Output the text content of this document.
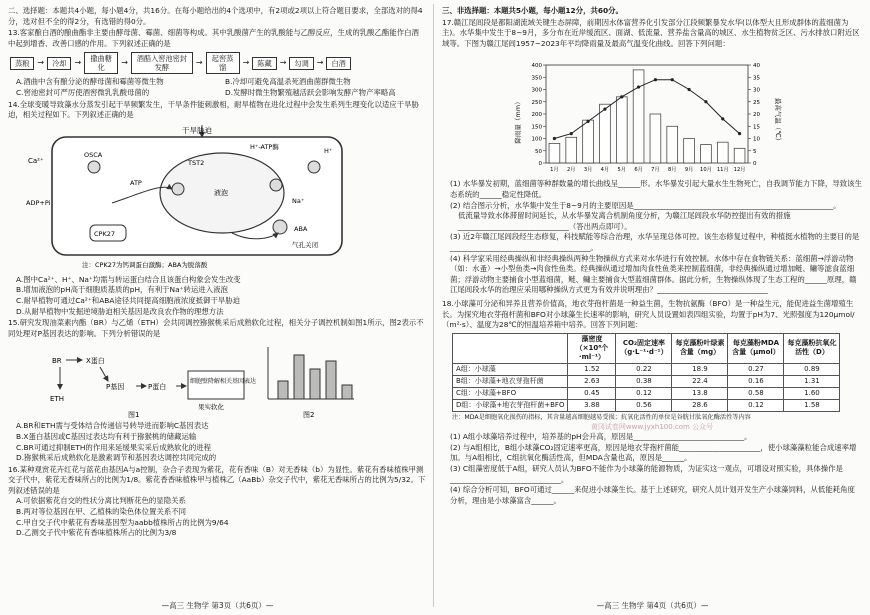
二、选择题：本题共4小题，每小题4分，共16分。在每小题给出的4个选项中，有2项或2项以上符合题目要求，全部选对的得4分，选对但不全的得2分，有选错的得0分。

13.客家酿白酒的酿曲酯非主要由酵母菌、霉菌、细菌等构成。其中乳酸菌产生的乳酸能与乙醇反应，生成的乳酸乙酯能作白酒中起到增香、改善口感的作用。下列叙述正确的是

蒸粮	→	冷却	→	撒曲糖化
→	酒醅入窖池密封发酵
→	起窖蒸馏
→	陈藏	→	勾调	→	白酒

A.酒曲中含有酿分泌的酵母菌和霉菌等微生物	B.冷却可避免高温杀死酒曲菌群微生物

C.窖池密封可严厉使酒窖微乳乳酸母菌的	D.发酵时微生物繁殖越活跃会影响发酵产物产率略高

14.全球变暖导致藻水分蒸发引起干旱频繁发生，干旱条件能刺激相，耐旱植物在进化过程中会发生系列生理变化以适应干旱胁迫，相关过程如下。下列叙述正确的是

干旱胁迫
Ca²⁺
OSCA
ATP
ADP+Pi
CPK27
液泡
TST2
H⁺-ATP酶	H⁺
Na⁺
ABA
气孔关闭
注：CPK27为钙调蛋白激酶；ABA为脱落酸

A.图中Ca²⁺、H⁺、Na⁺均需与转运蛋白结合且该蛋白构象会发生改变

B.增加液泡的pH高于细胞质基质的pH，有利于Na⁺转运进入液泡

C.耐旱植物可通过Ca²⁺和ABA途径共同提高细胞液浓度抵御干旱胁迫

D.从耐旱植物中发掘逆境胁迫相关基因是改良农作物的理想方法

15.研究发现油菜素内酯（BR）与乙烯（ETH）会共同调控猕猴桃采后成熟软化过程，相关分子调控机制如图1所示，图2表示不同处理对P基因表达的影响。下列分析错误的是

BR
ETH
X蛋白
P基因	P蛋白
细胞壁降解相关基因表达
果实软化
图1	图2

A.BR和ETH需与受体结合传递信号转导进而影响C基因表达

B.X蛋白基因或C基因过表达均有利于猕猴桃的储藏运输

C.BR可通过抑制ETH的作用来延缓果实采后成熟软化的进程

D.猕猴桃采后成熟软化是激素调节和基因表达调控共同完成的

16.某种观赏花卉红花与蓝花由基因A与a控制，杂合子表现为紫花，花有香味（B）对无香味（b）为显性。紫花有香味植株甲测交子代中，紫花无香味所占的比例为1/8。紫花香香味植株甲与植株乙（AaBb）杂交子代中，紫花无香味所占的比例为5/32。下列叙述错误的是

A.可依据紫花自交的性状分离比判断花色的显隐关系

B.两对等位基因在甲、乙植株的染色体位置关系不同

C.甲自交子代中紫花有香味基因型为aabb植株所占的比例为9/64

D.乙测交子代中紫花有香味植株所占的比例为3/8

—高三 生物学 第3页（共6页）—

三、非选择题：本题共5小题，每小题12分，共60分。

17.赣江尾闾段是都阳湖流域关键生态屏障，前期因水体富营养化引发部分江段频繁暴发水华(以体型大且形成群体的蓝细菌为主)。水华集中发生于8~9月，多分布在近岸缓流区、面湖、低流量、营养盐含量高的城区、水生植物贫乏区、污水排放口附近区域等。下图为赣江尾闾1957~2023年平均降雨量及最高气温变化曲线。回答下列问题：

降雨量（mm）	最高气温（℃）
0
50
100
150
200
250
300
350
400
0
5
10
15
20
25
30
35
40
1月 2月 3月 4月 5月 6月 7月 8月 9月 10月 11月 12月

(1) 水华暴发初期，蓝细菌等种群数量的增长曲线呈______形。水华暴发引起大量水生生物死亡，自我调节能力下降，导致该生态系统的______稳定性降低。

(2) 结合图示分析，水华集中发生于8~9月的主要原因是______________________________________________________。

低流量导致水体滞留时间延长，从水华暴发离合机制角度分析，为赣江尾闾段水华防控提出有效的措施______________________________（答出两点即可）。

(3) 近2年赣江尾闾段经生态修复，科技赋能等综合治理，水华呈现总体可控。该生态修复过程中，种植挺水植物的主要目的是______________________________________。

(4) 科学家采用经典操纵和非经典操纵两种生物操纵方式来对水华进行有效控制。水体中存在食物链关系：蓝细菌→浮游动物（如：水蚤）→小型鱼类→肉食性鱼类。经典操纵通过增加肉食性鱼类来控制蓝细菌，非经典操纵通过增加鲢、鳙等滤食蓝细菌；浮游动物主要捕食小型蓝细菌，鲢、鳙主要捕食大型蓝细菌群体。据此分析，生物操纵体现了生态工程的______原理，赣江尾闾段水华的治理应采用哪种操纵方式更为有效并说明理由？______________________________

18.小球藻可分泌和异养且营养价值高，地衣芽孢杆菌是一种益生菌，生物抗氨酶（BFO）是一种益生元，能促进益生菌增殖生长。为探究地衣芽孢杆菌和BFO对小球藻生长速率的影响，研究人员设置如表四组实验，均置于pH为7、光照强度为120μmol/（m²·s）、温度为28℃的恒温培养箱中培养。回答下列问题：

	藻密度（×10⁶个·ml⁻¹）	CO₂固定速率（g·L⁻¹·d⁻¹）	每克藻粉叶绿素含量（mg）	每克藻粉MDA含量（μmol）	每克藻粉抗氧化活性（D）
A组：小球藻	1.52	0.22	18.9	0.27	0.89
B组：小球藻+地衣芽孢杆菌	2.63	0.38	22.4	0.16	1.31
C组：小球藻+BFO	0.45	0.12	13.8	0.58	1.60
D组：小球藻+地衣芽孢杆菌+BFO	3.88	0.56	28.6	0.12	1.58

注：MDA是细胞氧化损伤的指标，其含量越高细胞越易受损；抗氧化活性的单位是谷胱甘肽氧化酶活性等内容

黄冈试卷网www.jyxh100.com 公众号

(1) A组小球藻培养过程中，培养基的pH会升高，原因是______________________________。

(2) 与A组相比，B组小球藻CO₂固定速率更高，原因是地衣芽孢杆菌能______________________，使小球藻藻粒能合成速率增加。与A组相比，C组抗氧化酶活性高，但MDA含量也高，原因是______。

(3) C组藻密度低于A组，研究人员认为BFO不能作为小球藻的能源物质，为证实这一观点，可增设对照实验，具体操作是______________________________。

(4) 综合分析可知，BFO可通过______来促进小球藻生长。基于上述研究，研究人员计划开发生产小球藻饲料，从低能耗角度分析，理由是小球藻富含______。

—高三 生物学 第4页（共6页）—
